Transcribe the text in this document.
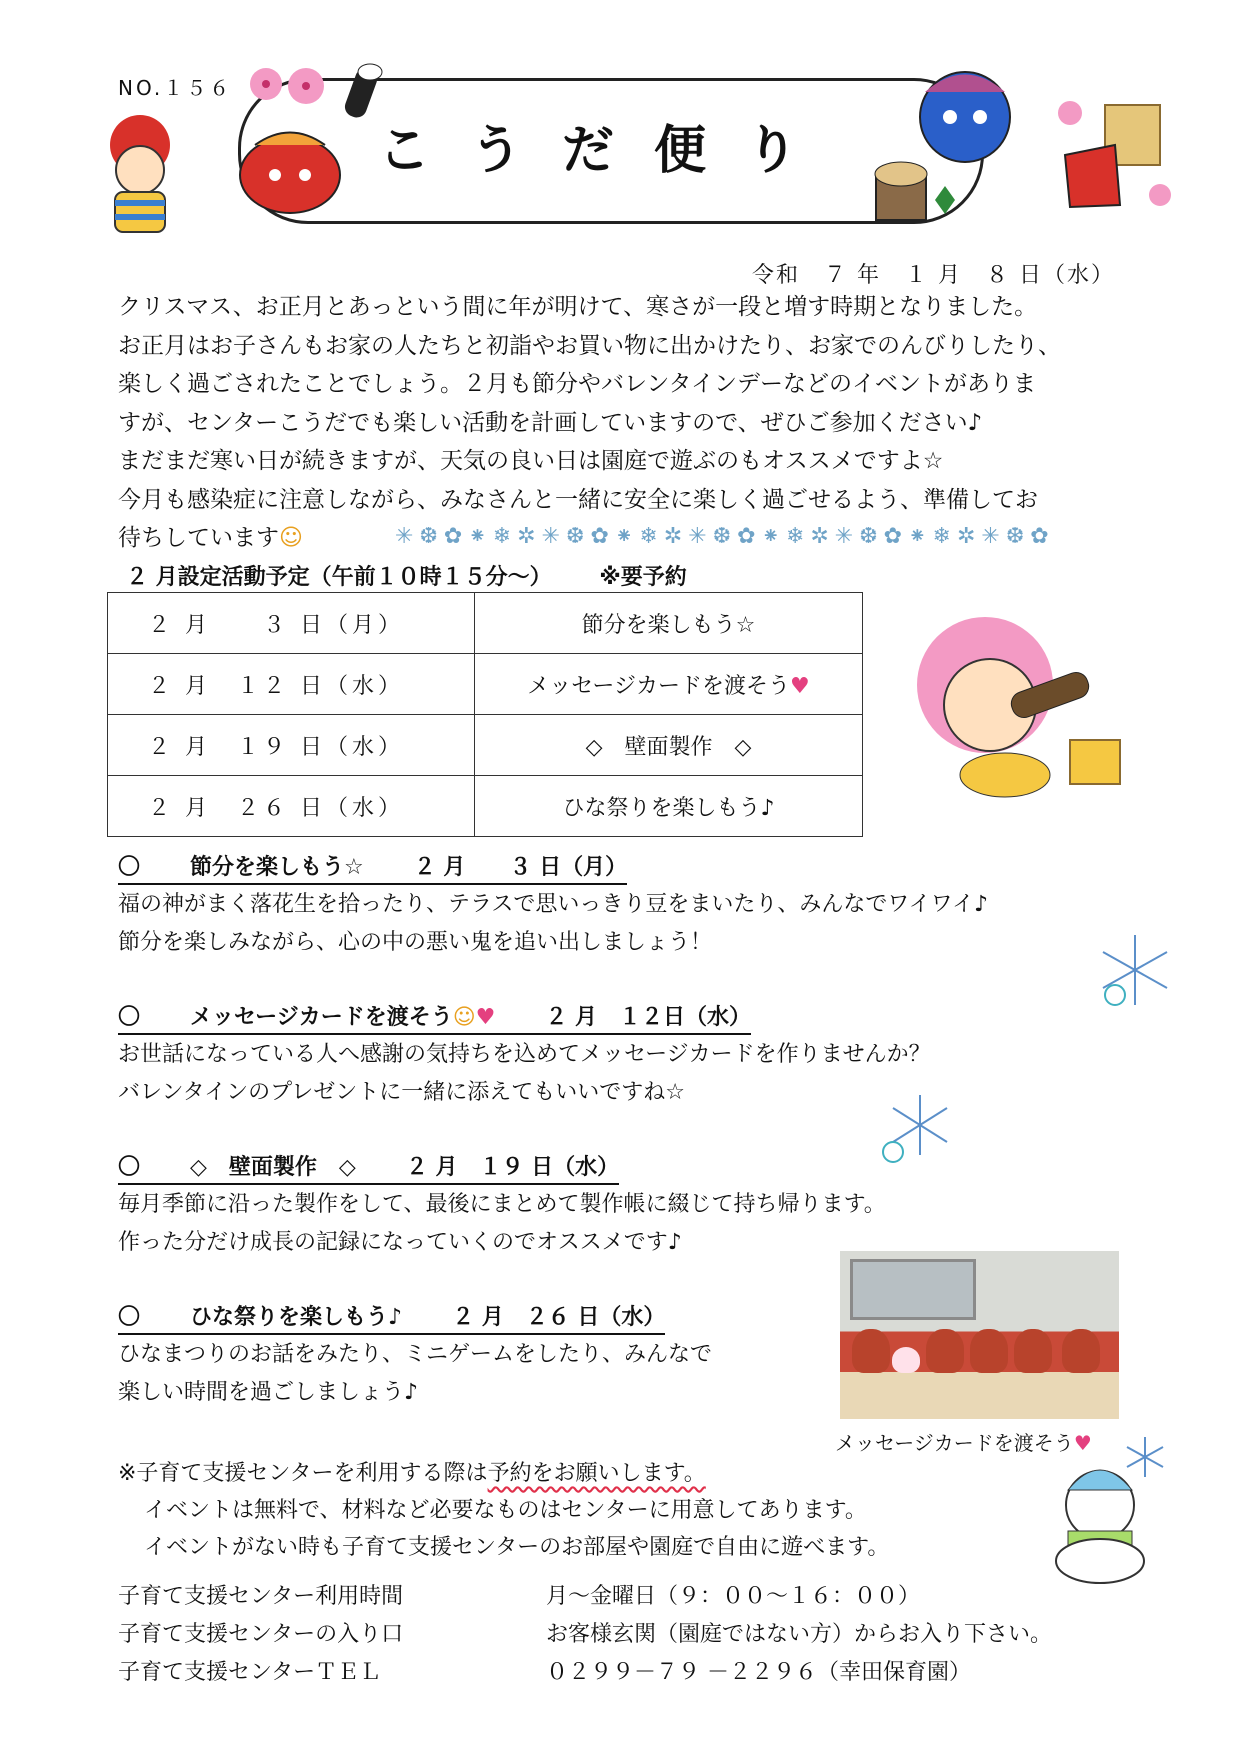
NO.１５６
こうだ便り
令和　７ 年　１ 月　８ 日（水）

クリスマス、お正月とあっという間に年が明けて、寒さが一段と増す時期となりました。

お正月はお子さんもお家の人たちと初詣やお買い物に出かけたり、お家でのんびりしたり、

楽しく過ごされたことでしょう。２月も節分やバレンタインデーなどのイベントがありま

すが、センターこうだでも楽しい活動を計画していますので、ぜひご参加ください♪

まだまだ寒い日が続きますが、天気の良い日は園庭で遊ぶのもオススメですよ☆

今月も感染症に注意しながら、みなさんと一緒に安全に楽しく過ごせるよう、準備してお

待ちしています☺	✳❆✿⁕❄✲✳❆✿⁕❄✲✳❆✿⁕❄✲✳❆✿⁕❄✲✳❆✿
２ 月設定活動予定（午前１０時１５分～） ※要予約
２ 月　　３ 日（月）	節分を楽しもう☆
２ 月　１２ 日（水）	メッセージカードを渡そう♥
２ 月　１９ 日（水）	◇　壁面製作　◇
２ 月　２６ 日（水）	ひな祭りを楽しもう♪
〇 節分を楽しもう☆ ２ 月　　３ 日（月）

福の神がまく落花生を拾ったり、テラスで思いっきり豆をまいたり、みんなでワイワイ♪

節分を楽しみながら、心の中の悪い鬼を追い出しましょう！

〇 メッセージカードを渡そう☺♥ ２ 月　１２日（水）

お世話になっている人へ感謝の気持ちを込めてメッセージカードを作りませんか？

バレンタインのプレゼントに一緒に添えてもいいですね☆

〇 ◇　壁面製作　◇ ２ 月　１９ 日（水）

毎月季節に沿った製作をして、最後にまとめて製作帳に綴じて持ち帰ります。

作った分だけ成長の記録になっていくのでオススメです♪

メッセージカードを渡そう♥
〇 ひな祭りを楽しもう♪ ２ 月　２６ 日（水）

ひなまつりのお話をみたり、ミニゲームをしたり、みんなで

楽しい時間を過ごしましょう♪

※子育て支援センターを利用する際は予約をお願いします。

イベントは無料で、材料など必要なものはセンターに用意してあります。

イベントがない時も子育て支援センターのお部屋や園庭で自由に遊べます。

子育て支援センター利用時間	月～金曜日（９：００～１６：００）
子育て支援センターの入り口	お客様玄関（園庭ではない方）からお入り下さい。
子育て支援センターＴＥＬ	０２９９－７９ －２２９６（幸田保育園）
